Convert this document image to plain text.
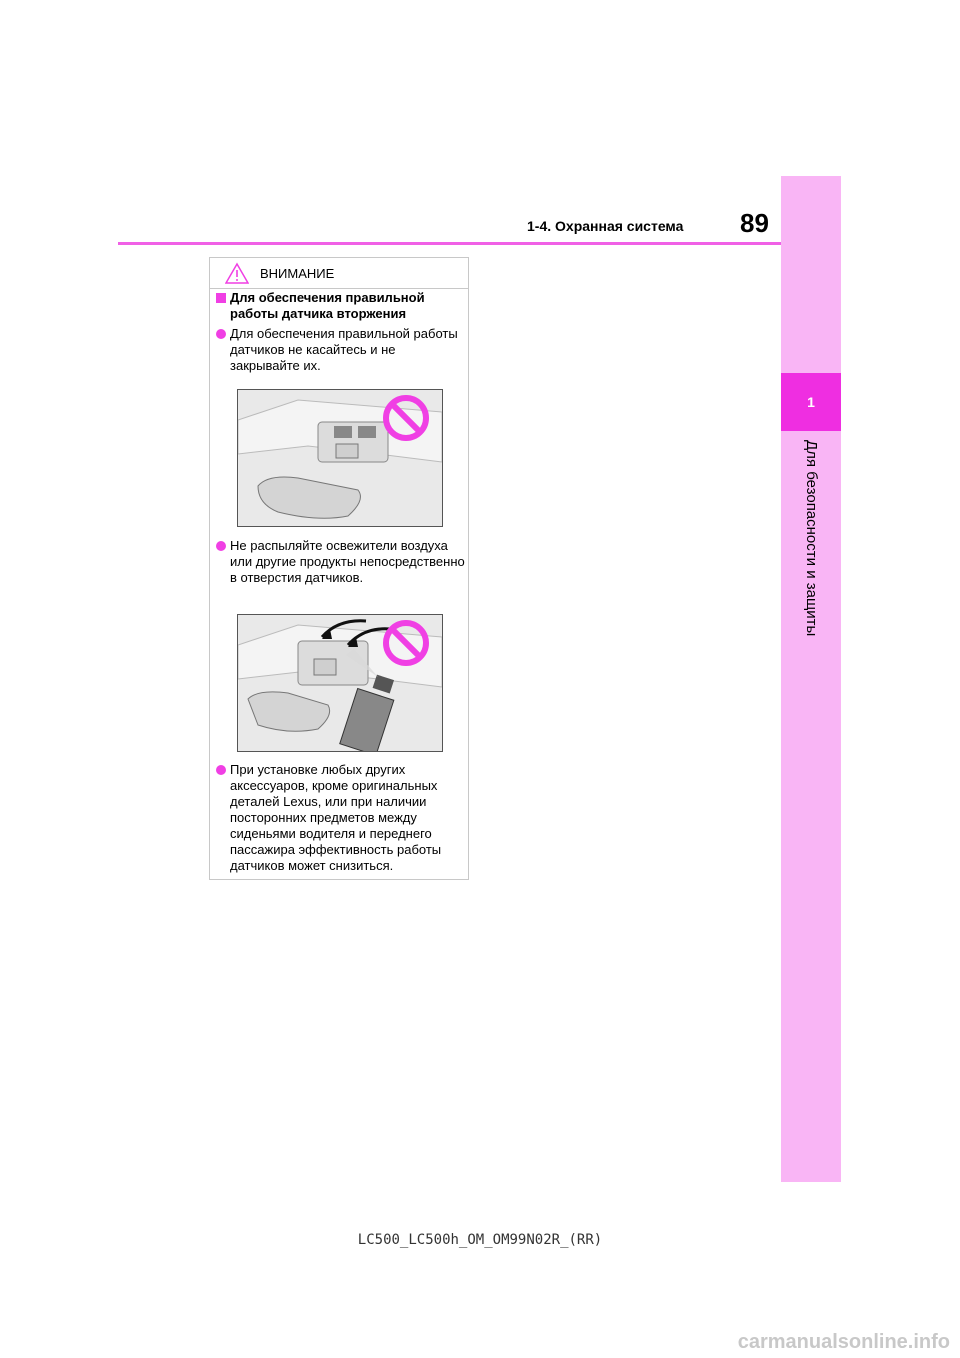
1
Для безопасности и защиты
1-4. Охранная система 89
ВНИМАНИЕ
Для обеспечения правильной работы датчика вторжения
Для обеспечения правильной работы датчиков не касайтесь и не закрывайте их.
Не распыляйте освежители воздуха или другие продукты непосредственно в отверстия датчиков.
При установке любых других аксессуаров, кроме оригинальных деталей Lexus, или при наличии посторонних предметов между сиденьями водителя и переднего пассажира эффективность работы датчиков может снизиться.
LC500_LC500h_OM_OM99N02R_(RR)
carmanualsonline.info
